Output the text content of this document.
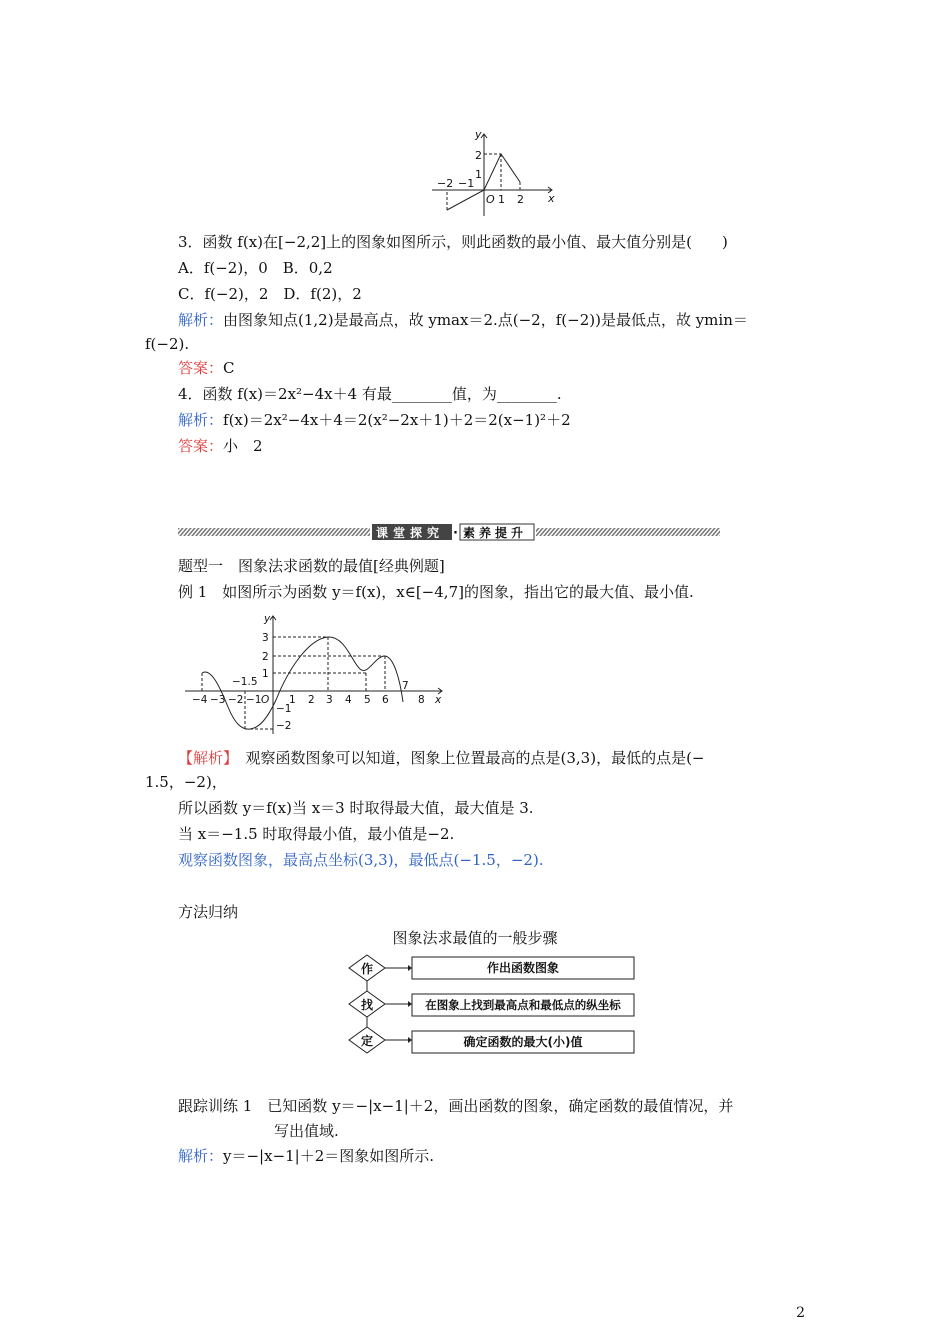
y
x
O
−2 −1
1 2
1
2
3．函数 f(x)在[−2,2]上的图象如图所示，则此函数的最小值、最大值分别是(　　)
A．f(−2)，0　B．0,2
C．f(−2)，2　D．f(2)，2
解析：由图象知点(1,2)是最高点，故 ymax＝2.点(−2，f(−2))是最低点，故 ymin＝
f(−2).
答案：C
4．函数 f(x)＝2x²−4x＋4 有最________值，为________.
解析：f(x)＝2x²−4x＋4＝2(x²−2x＋1)＋2＝2(x−1)²＋2
答案：小　2
课堂探究 · 素养提升
题型一　图象法求函数的最值[经典例题]
例 1　如图所示为函数 y＝f(x)，x∈[−4,7]的图象，指出它的最大值、最小值.
y
x
O
3
2
1
−1
−2
−1.5	7
−4 −3 −2 −1	1 2 3 4 5 6	8
【解析】　观察函数图象可以知道，图象上位置最高的点是(3,3)，最低的点是(−
1.5，−2)，
所以函数 y＝f(x)当 x＝3 时取得最大值，最大值是 3.
当 x＝−1.5 时取得最小值，最小值是−2.
观察函数图象，最高点坐标(3,3)，最低点(−1.5，−2).
方法归纳
图象法求最值的一般步骤
作
找
定
作出函数图象
在图象上找到最高点和最低点的纵坐标
确定函数的最大(小)值
跟踪训练 1　已知函数 y＝−|x−1|＋2，画出函数的图象，确定函数的最值情况，并
写出值域.
解析：y＝−|x−1|＋2＝图象如图所示.
2
